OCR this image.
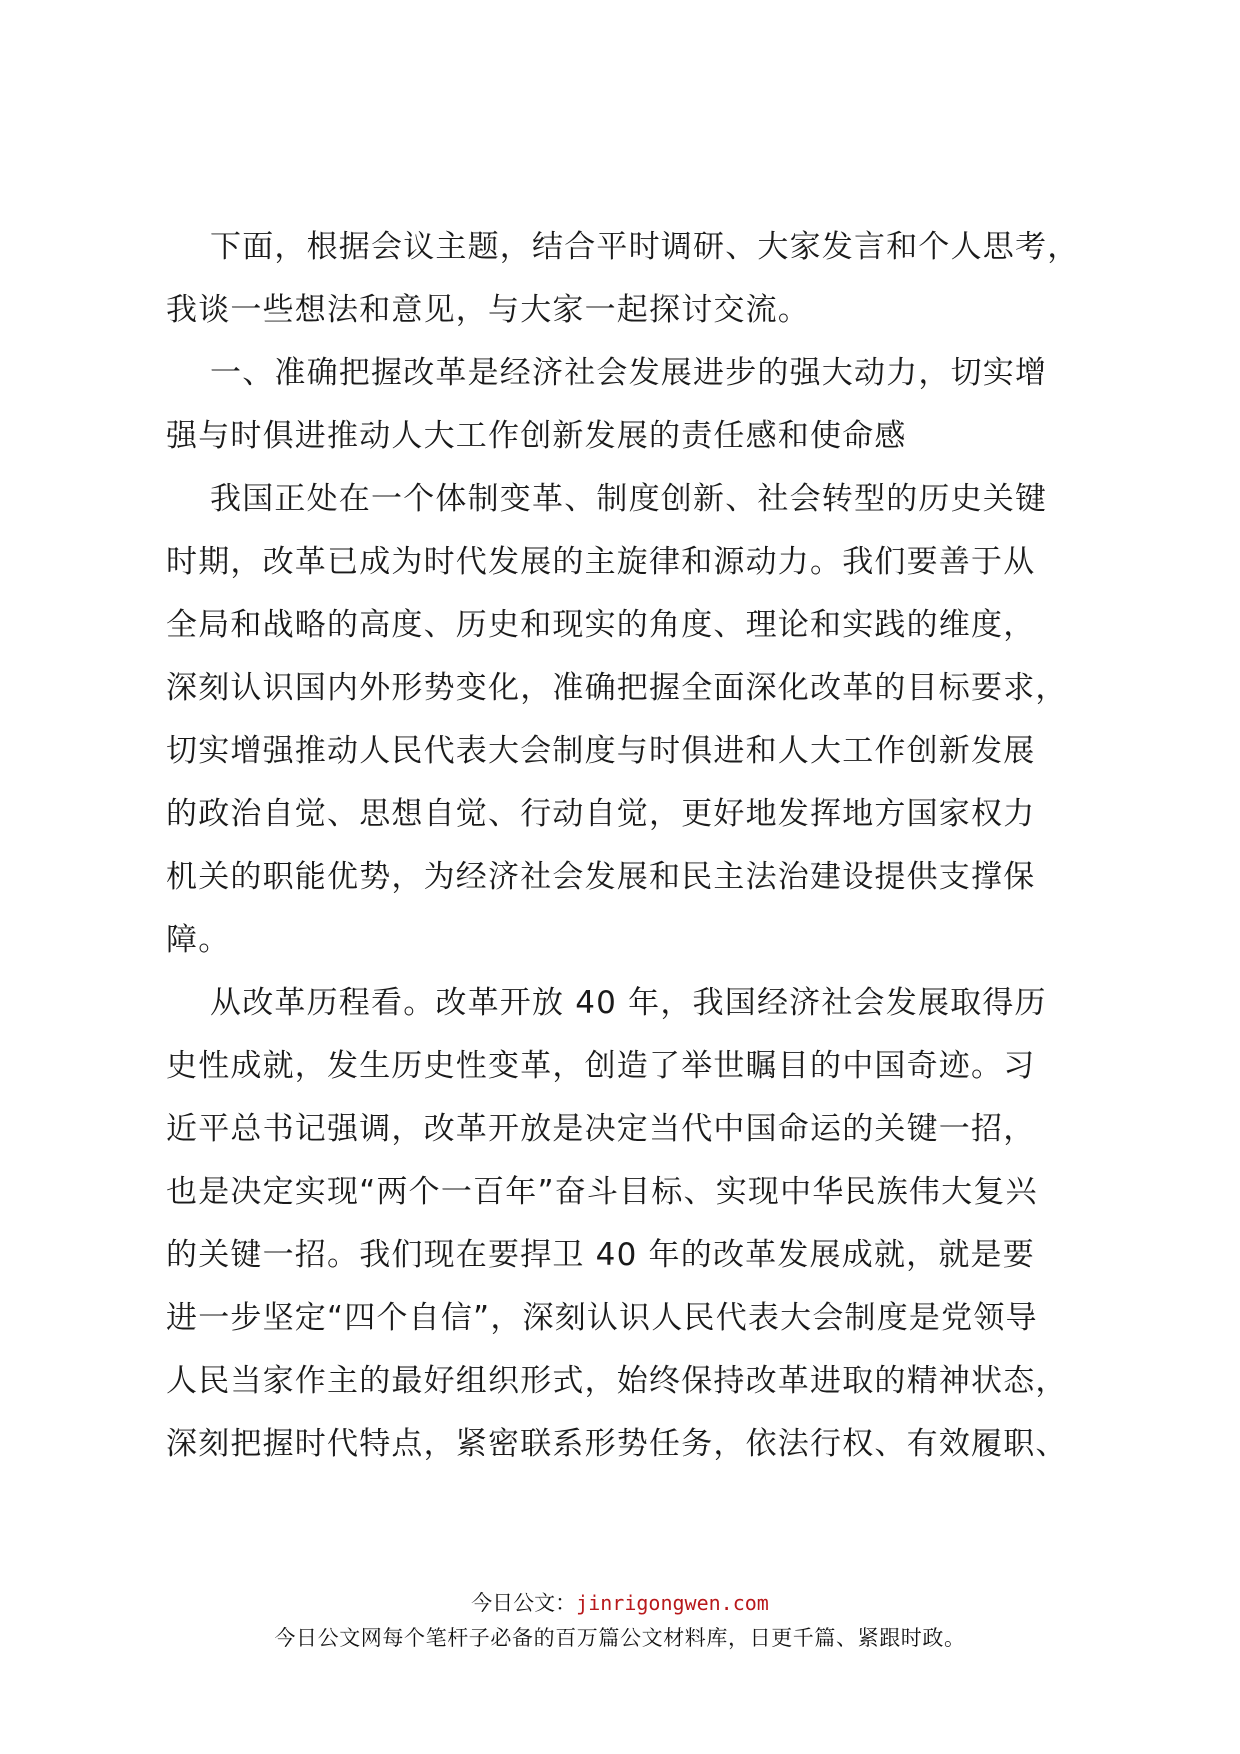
下面，根据会议主题，结合平时调研、大家发言和个人思考，
我谈一些想法和意见，与大家一起探讨交流。
一、准确把握改革是经济社会发展进步的强大动力，切实增
强与时俱进推动人大工作创新发展的责任感和使命感
我国正处在一个体制变革、制度创新、社会转型的历史关键
时期，改革已成为时代发展的主旋律和源动力。我们要善于从
全局和战略的高度、历史和现实的角度、理论和实践的维度，
深刻认识国内外形势变化，准确把握全面深化改革的目标要求，
切实增强推动人民代表大会制度与时俱进和人大工作创新发展
的政治自觉、思想自觉、行动自觉，更好地发挥地方国家权力
机关的职能优势，为经济社会发展和民主法治建设提供支撑保
障。
从改革历程看。改革开放 40 年，我国经济社会发展取得历
史性成就，发生历史性变革，创造了举世瞩目的中国奇迹。习
近平总书记强调，改革开放是决定当代中国命运的关键一招，
也是决定实现“两个一百年”奋斗目标、实现中华民族伟大复兴
的关键一招。我们现在要捍卫 40 年的改革发展成就，就是要
进一步坚定“四个自信”，深刻认识人民代表大会制度是党领导
人民当家作主的最好组织形式，始终保持改革进取的精神状态，
深刻把握时代特点，紧密联系形势任务，依法行权、有效履职、
今日公文：jinrigongwen.com
今日公文网每个笔杆子必备的百万篇公文材料库，日更千篇、紧跟时政。
